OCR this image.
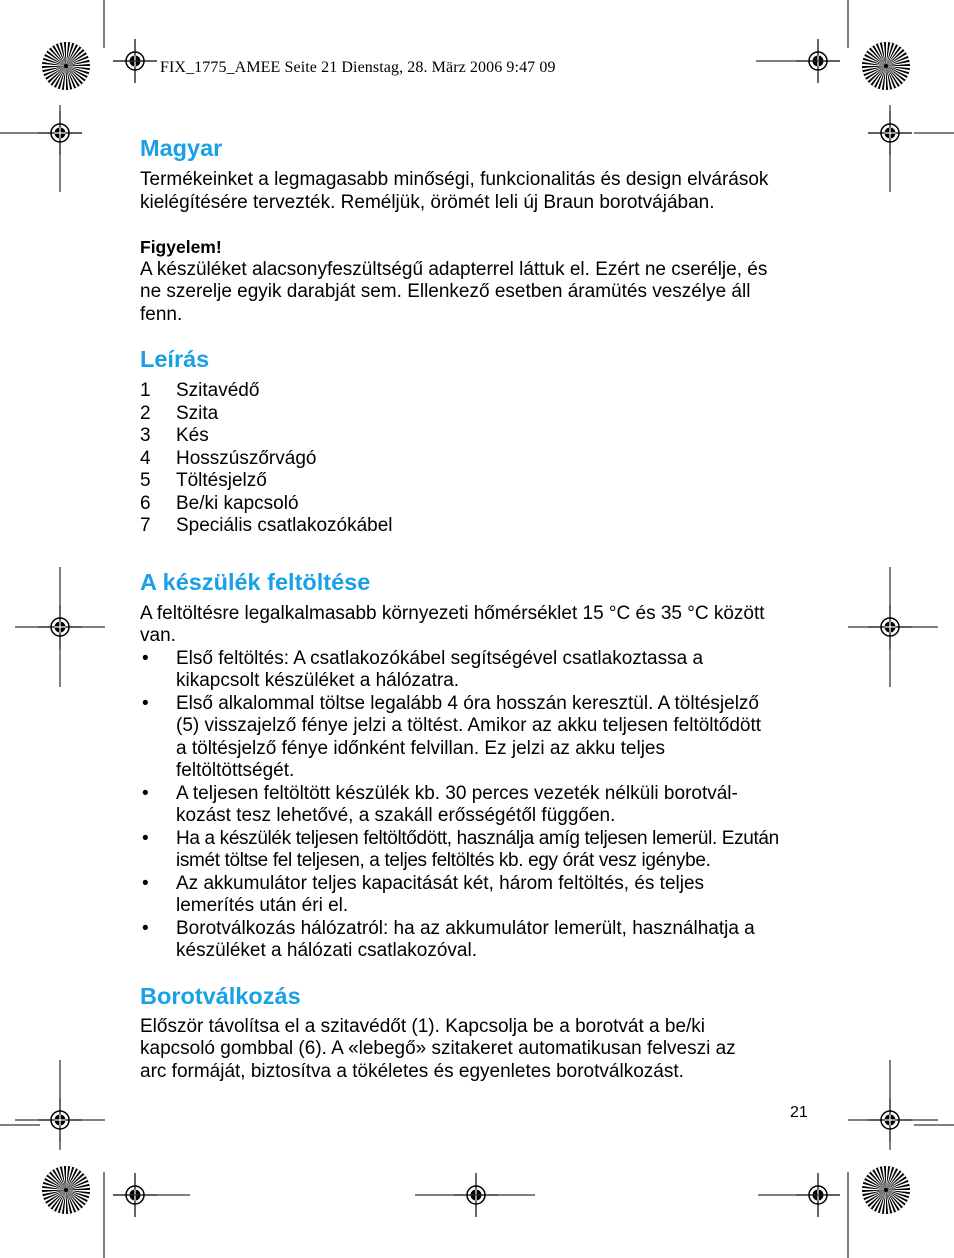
FIX_1775_AMEE Seite 21 Dienstag, 28. März 2006 9:47 09
Magyar

Termékeinket a legmagasabb minőségi, funkcionalitás és design elvárások

kielégítésére tervezték. Reméljük, örömét leli új Braun borotvájában.

Figyelem!

A készüléket alacsonyfeszültségű adapterrel láttuk el. Ezért ne cserélje, és

ne szerelje egyik darabját sem. Ellenkező esetben áramütés veszélye áll

fenn.

Leírás
1 Szitavédő
2 Szita
3 Kés
4 Hosszúszőrvágó
5 Töltésjelző
6 Be/ki kapcsoló
7 Speciális csatlakozókábel
A készülék feltöltése

A feltöltésre legalkalmasabb környezeti hőmérséklet 15 °C és 35 °C között

van.

• Első feltöltés: A csatlakozókábel segítségével csatlakoztassa a
kikapcsolt készüléket a hálózatra.
• Első alkalommal töltse legalább 4 óra hosszán keresztül. A töltésjelző
(5) visszajelző fénye jelzi a töltést. Amikor az akku teljesen feltöltődött
a töltésjelző fénye időnként felvillan. Ez jelzi az akku teljes
feltöltöttségét.
• A teljesen feltöltött készülék kb. 30 perces vezeték nélküli borotvál-
kozást tesz lehetővé, a szakáll erősségétől függően.
• Ha a készülék teljesen feltöltődött, használja amíg teljesen lemerül. Ezután
ismét töltse fel teljesen, a teljes feltöltés kb. egy órát vesz igénybe.
• Az akkumulátor teljes kapacitását két, három feltöltés, és teljes
lemerítés után éri el.
• Borotválkozás hálózatról: ha az akkumulátor lemerült, használhatja a
készüléket a hálózati csatlakozóval.
Borotválkozás

Először távolítsa el a szitavédőt (1). Kapcsolja be a borotvát a be/ki

kapcsoló gombbal (6). A «lebegő» szitakeret automatikusan felveszi az

arc formáját, biztosítva a tökéletes és egyenletes borotválkozást.

21
